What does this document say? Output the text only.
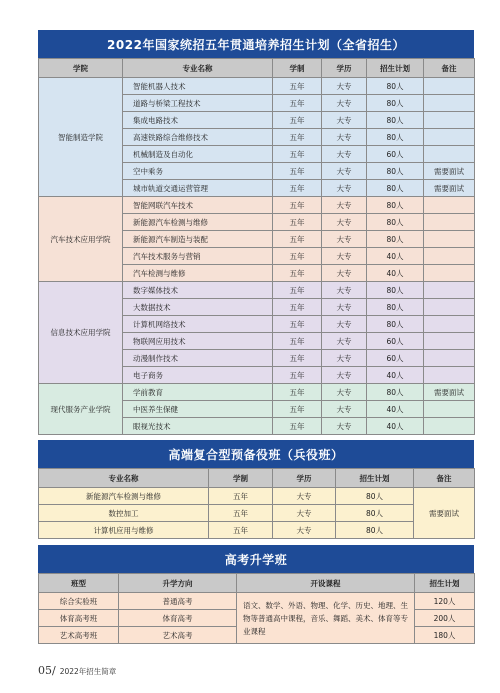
2022年国家统招五年贯通培养招生计划（全省招生）
学院	专业名称	学制	学历	招生计划	备注
智能制造学院	智能机器人技术	五年	大专	80人	
	道路与桥梁工程技术	五年	大专	80人	
	集成电路技术	五年	大专	80人	
	高速铁路综合维修技术	五年	大专	80人	
	机械制造及自动化	五年	大专	60人	
	空中乘务	五年	大专	80人	需要面试
	城市轨道交通运营管理	五年	大专	80人	需要面试
汽车技术应用学院	智能网联汽车技术	五年	大专	80人	
	新能源汽车检测与维修	五年	大专	80人	
	新能源汽车制造与装配	五年	大专	80人	
	汽车技术服务与营销	五年	大专	40人	
	汽车检测与维修	五年	大专	40人	
信息技术应用学院	数字媒体技术	五年	大专	80人	
	大数据技术	五年	大专	80人	
	计算机网络技术	五年	大专	80人	
	物联网应用技术	五年	大专	60人	
	动漫制作技术	五年	大专	60人	
	电子商务	五年	大专	40人	
现代服务产业学院	学前教育	五年	大专	80人	需要面试
	中医养生保健	五年	大专	40人	
	眼视光技术	五年	大专	40人	
高端复合型预备役班（兵役班）
专业名称	学制	学历	招生计划	备注
新能源汽车检测与维修	五年	大专	80人	需要面试
数控加工	五年	大专	80人	
计算机应用与维修	五年	大专	80人	
高考升学班
班型	升学方向	开设课程	招生计划
综合实验班	普通高考	语文、数学、外语、物理、化学、历史、地理、生物等普通高中课程，音乐、舞蹈、美术、体育等专业课程	120人
体育高考班	体育高考		200人
艺术高考班	艺术高考		180人
05/ 2022年招生简章
